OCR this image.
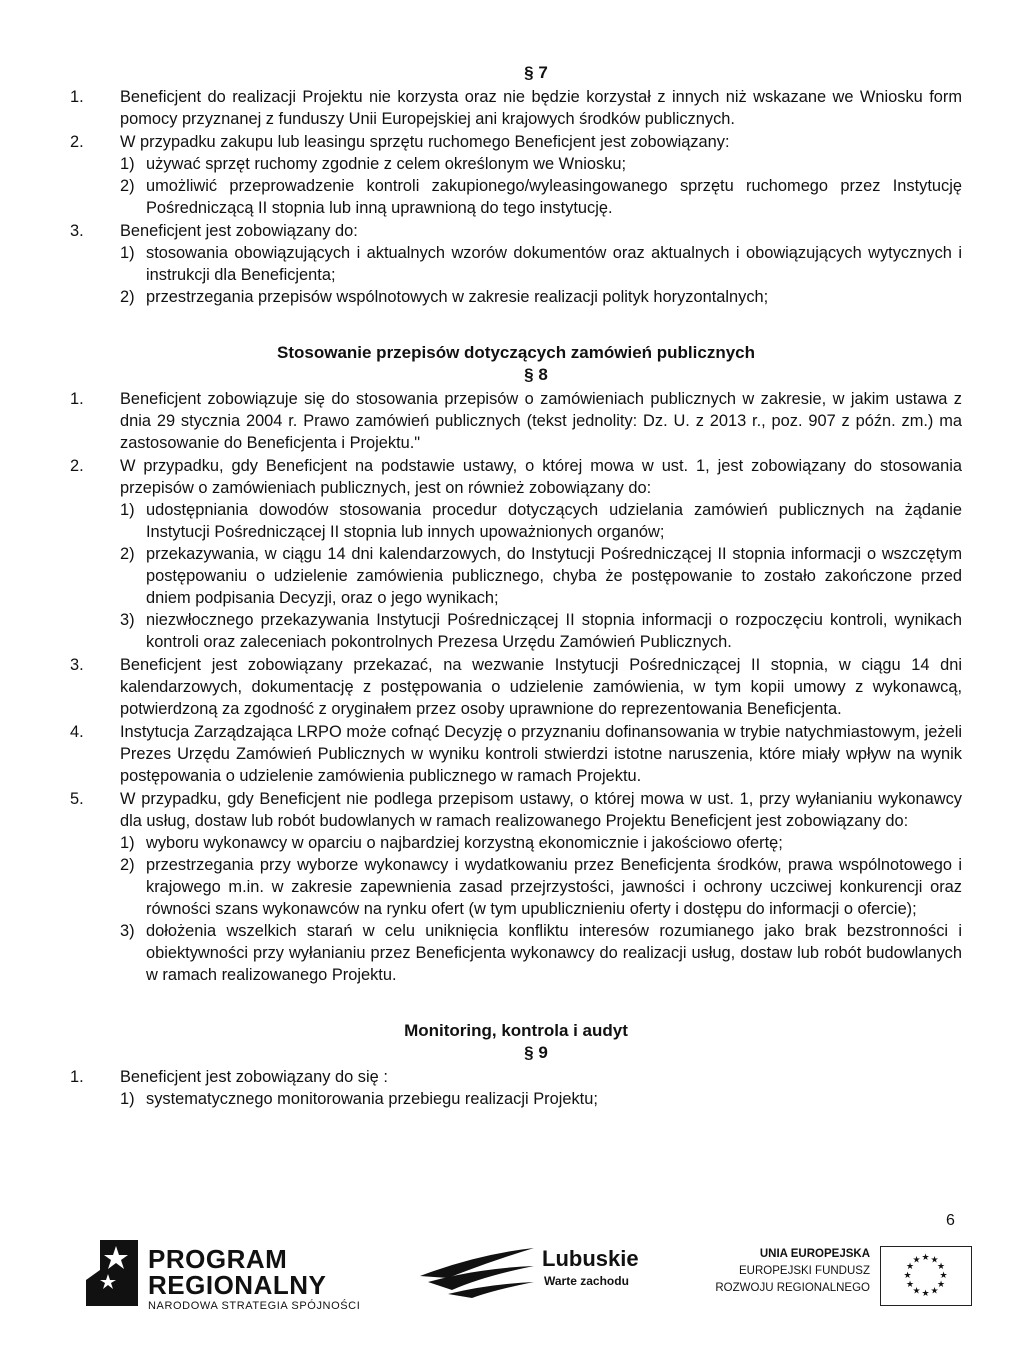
§ 7
1.	Beneficjent do realizacji Projektu nie korzysta oraz nie będzie korzystał z innych niż wskazane we Wniosku form pomocy przyznanej z funduszy Unii Europejskiej ani krajowych środków publicznych.
2.	W przypadku zakupu lub leasingu sprzętu ruchomego Beneficjent jest zobowiązany:
1) używać sprzęt ruchomy zgodnie z celem określonym we Wniosku;
2) umożliwić przeprowadzenie kontroli zakupionego/wyleasingowanego sprzętu ruchomego przez Instytucję Pośredniczącą II stopnia lub inną uprawnioną do tego instytucję.
3.	Beneficjent jest zobowiązany do:
1) stosowania obowiązujących i aktualnych wzorów dokumentów oraz aktualnych i obowiązujących wytycznych i instrukcji dla Beneficjenta;
2) przestrzegania przepisów wspólnotowych w zakresie realizacji polityk horyzontalnych;
Stosowanie przepisów dotyczących zamówień publicznych
§ 8
1.	Beneficjent zobowiązuje się do stosowania przepisów o zamówieniach publicznych w zakresie, w jakim ustawa z dnia 29 stycznia 2004 r. Prawo zamówień publicznych (tekst jednolity: Dz. U. z 2013 r., poz. 907 z późn. zm.) ma zastosowanie do Beneficjenta i Projektu."
2.	W przypadku, gdy Beneficjent na podstawie ustawy, o której mowa w ust. 1, jest zobowiązany do stosowania przepisów o zamówieniach publicznych, jest on również zobowiązany do:
1) udostępniania dowodów stosowania procedur dotyczących udzielania zamówień publicznych na żądanie Instytucji Pośredniczącej II stopnia lub innych upoważnionych organów;
2) przekazywania, w ciągu 14 dni kalendarzowych, do Instytucji Pośredniczącej II stopnia informacji o wszczętym postępowaniu o udzielenie zamówienia publicznego, chyba że postępowanie to zostało zakończone przed dniem podpisania Decyzji, oraz o jego wynikach;
3) niezwłocznego przekazywania Instytucji Pośredniczącej II stopnia informacji o rozpoczęciu kontroli, wynikach kontroli oraz zaleceniach pokontrolnych Prezesa Urzędu Zamówień Publicznych.
3.	Beneficjent jest zobowiązany przekazać, na wezwanie Instytucji Pośredniczącej II stopnia, w ciągu 14 dni kalendarzowych, dokumentację z postępowania o udzielenie zamówienia, w tym kopii umowy z wykonawcą, potwierdzoną za zgodność z oryginałem przez osoby uprawnione do reprezentowania Beneficjenta.
4.	Instytucja Zarządzająca LRPO może cofnąć Decyzję o przyznaniu dofinansowania w trybie natychmiastowym, jeżeli Prezes Urzędu Zamówień Publicznych w wyniku kontroli stwierdzi istotne naruszenia, które miały wpływ na wynik postępowania o udzielenie zamówienia publicznego w ramach Projektu.
5.	W przypadku, gdy Beneficjent nie podlega przepisom ustawy, o której mowa w ust. 1, przy wyłanianiu wykonawcy dla usług, dostaw lub robót budowlanych w ramach realizowanego Projektu Beneficjent jest zobowiązany do:
1) wyboru wykonawcy w oparciu o najbardziej korzystną ekonomicznie i jakościowo ofertę;
2) przestrzegania przy wyborze wykonawcy i wydatkowaniu przez Beneficjenta środków, prawa wspólnotowego i krajowego m.in. w zakresie zapewnienia zasad przejrzystości, jawności i ochrony uczciwej konkurencji oraz równości szans wykonawców na rynku ofert (w tym upublicznieniu oferty i dostępu do informacji o ofercie);
3) dołożenia wszelkich starań w celu uniknięcia konfliktu interesów rozumianego jako brak bezstronności i obiektywności przy wyłanianiu przez Beneficjenta wykonawcy do realizacji usług, dostaw lub robót budowlanych w ramach realizowanego Projektu.
Monitoring, kontrola i audyt
§ 9
1.	Beneficjent jest zobowiązany do się :
1) systematycznego monitorowania przebiegu realizacji Projektu;
6
PROGRAM
REGIONALNY
NARODOWA STRATEGIA SPÓJNOŚCI
Lubuskie
Warte zachodu
UNIA EUROPEJSKA
EUROPEJSKI FUNDUSZ
ROZWOJU REGIONALNEGO
★ ★
★
★
★
★
★
★
★
★
★
★
